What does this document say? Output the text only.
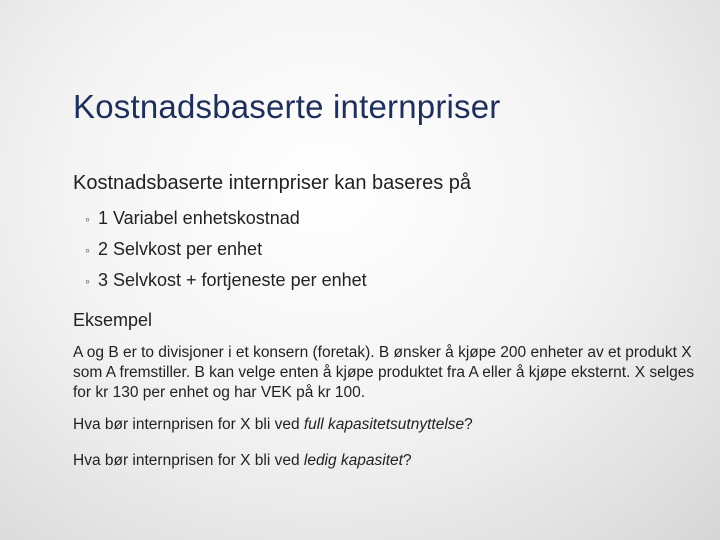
Kostnadsbaserte internpriser

Kostnadsbaserte internpriser kan baseres på

◦ 1 Variabel enhetskostnad
◦ 2 Selvkost per enhet
◦ 3 Selvkost + fortjeneste per enhet

Eksempel

A og B er to divisjoner i et konsern (foretak). B ønsker å kjøpe 200 enheter av et produkt X som A fremstiller. B kan velge enten å kjøpe produktet fra A eller å kjøpe eksternt. X selges for kr 130 per enhet og har VEK på kr 100.

Hva bør internprisen for X bli ved full kapasitetsutnyttelse?

Hva bør internprisen for X bli ved ledig kapasitet?
